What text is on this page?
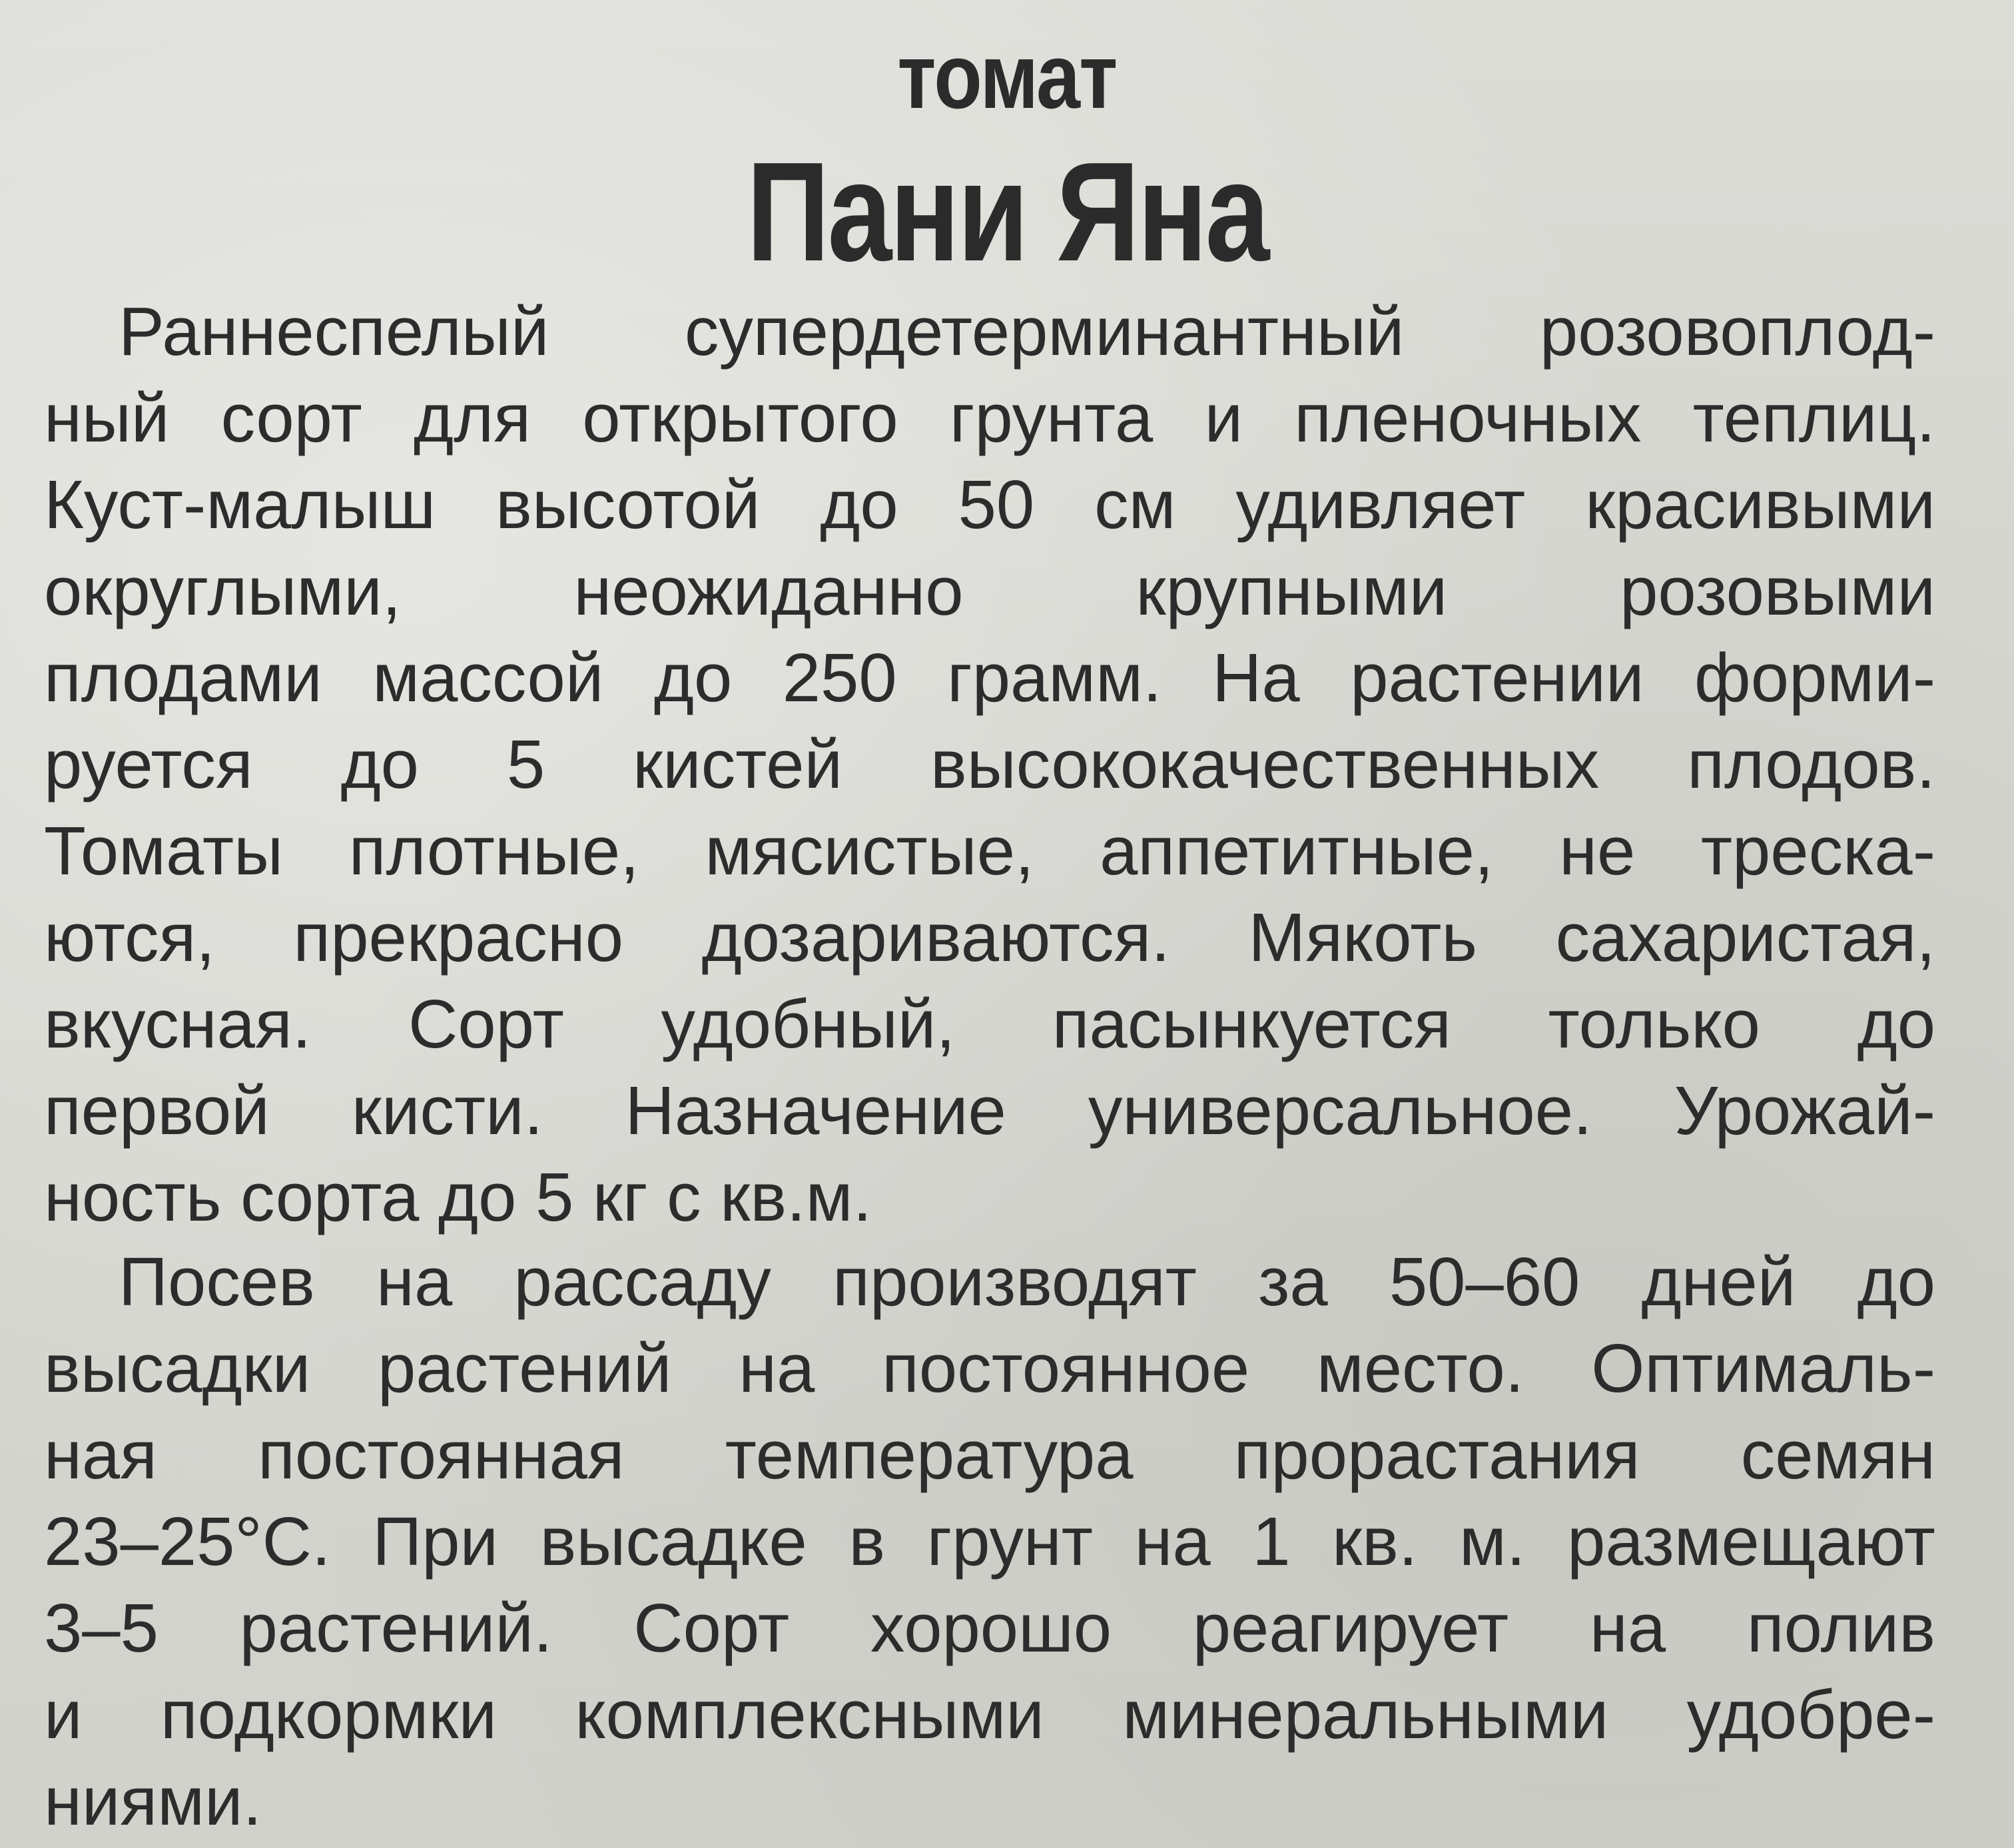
томат
Пани Яна
Раннеспелый супердетерминантный розовоплод-
ный сорт для открытого грунта и пленочных теплиц.
Куст-малыш высотой до 50 см удивляет красивыми
округлыми, неожиданно крупными розовыми
плодами массой до 250 грамм. На растении форми-
руется до 5 кистей высококачественных плодов.
Томаты плотные, мясистые, аппетитные, не треска-
ются, прекрасно дозариваются. Мякоть сахаристая,
вкусная. Сорт удобный, пасынкуется только до
первой кисти. Назначение универсальное. Урожай-
ность сорта до 5 кг с кв.м.
Посев на рассаду производят за 50–60 дней до
высадки растений на постоянное место. Оптималь-
ная постоянная температура прорастания семян
23–25°С. При высадке в грунт на 1 кв. м. размещают
3–5 растений. Сорт хорошо реагирует на полив
и подкормки комплексными минеральными удобре-
ниями.
